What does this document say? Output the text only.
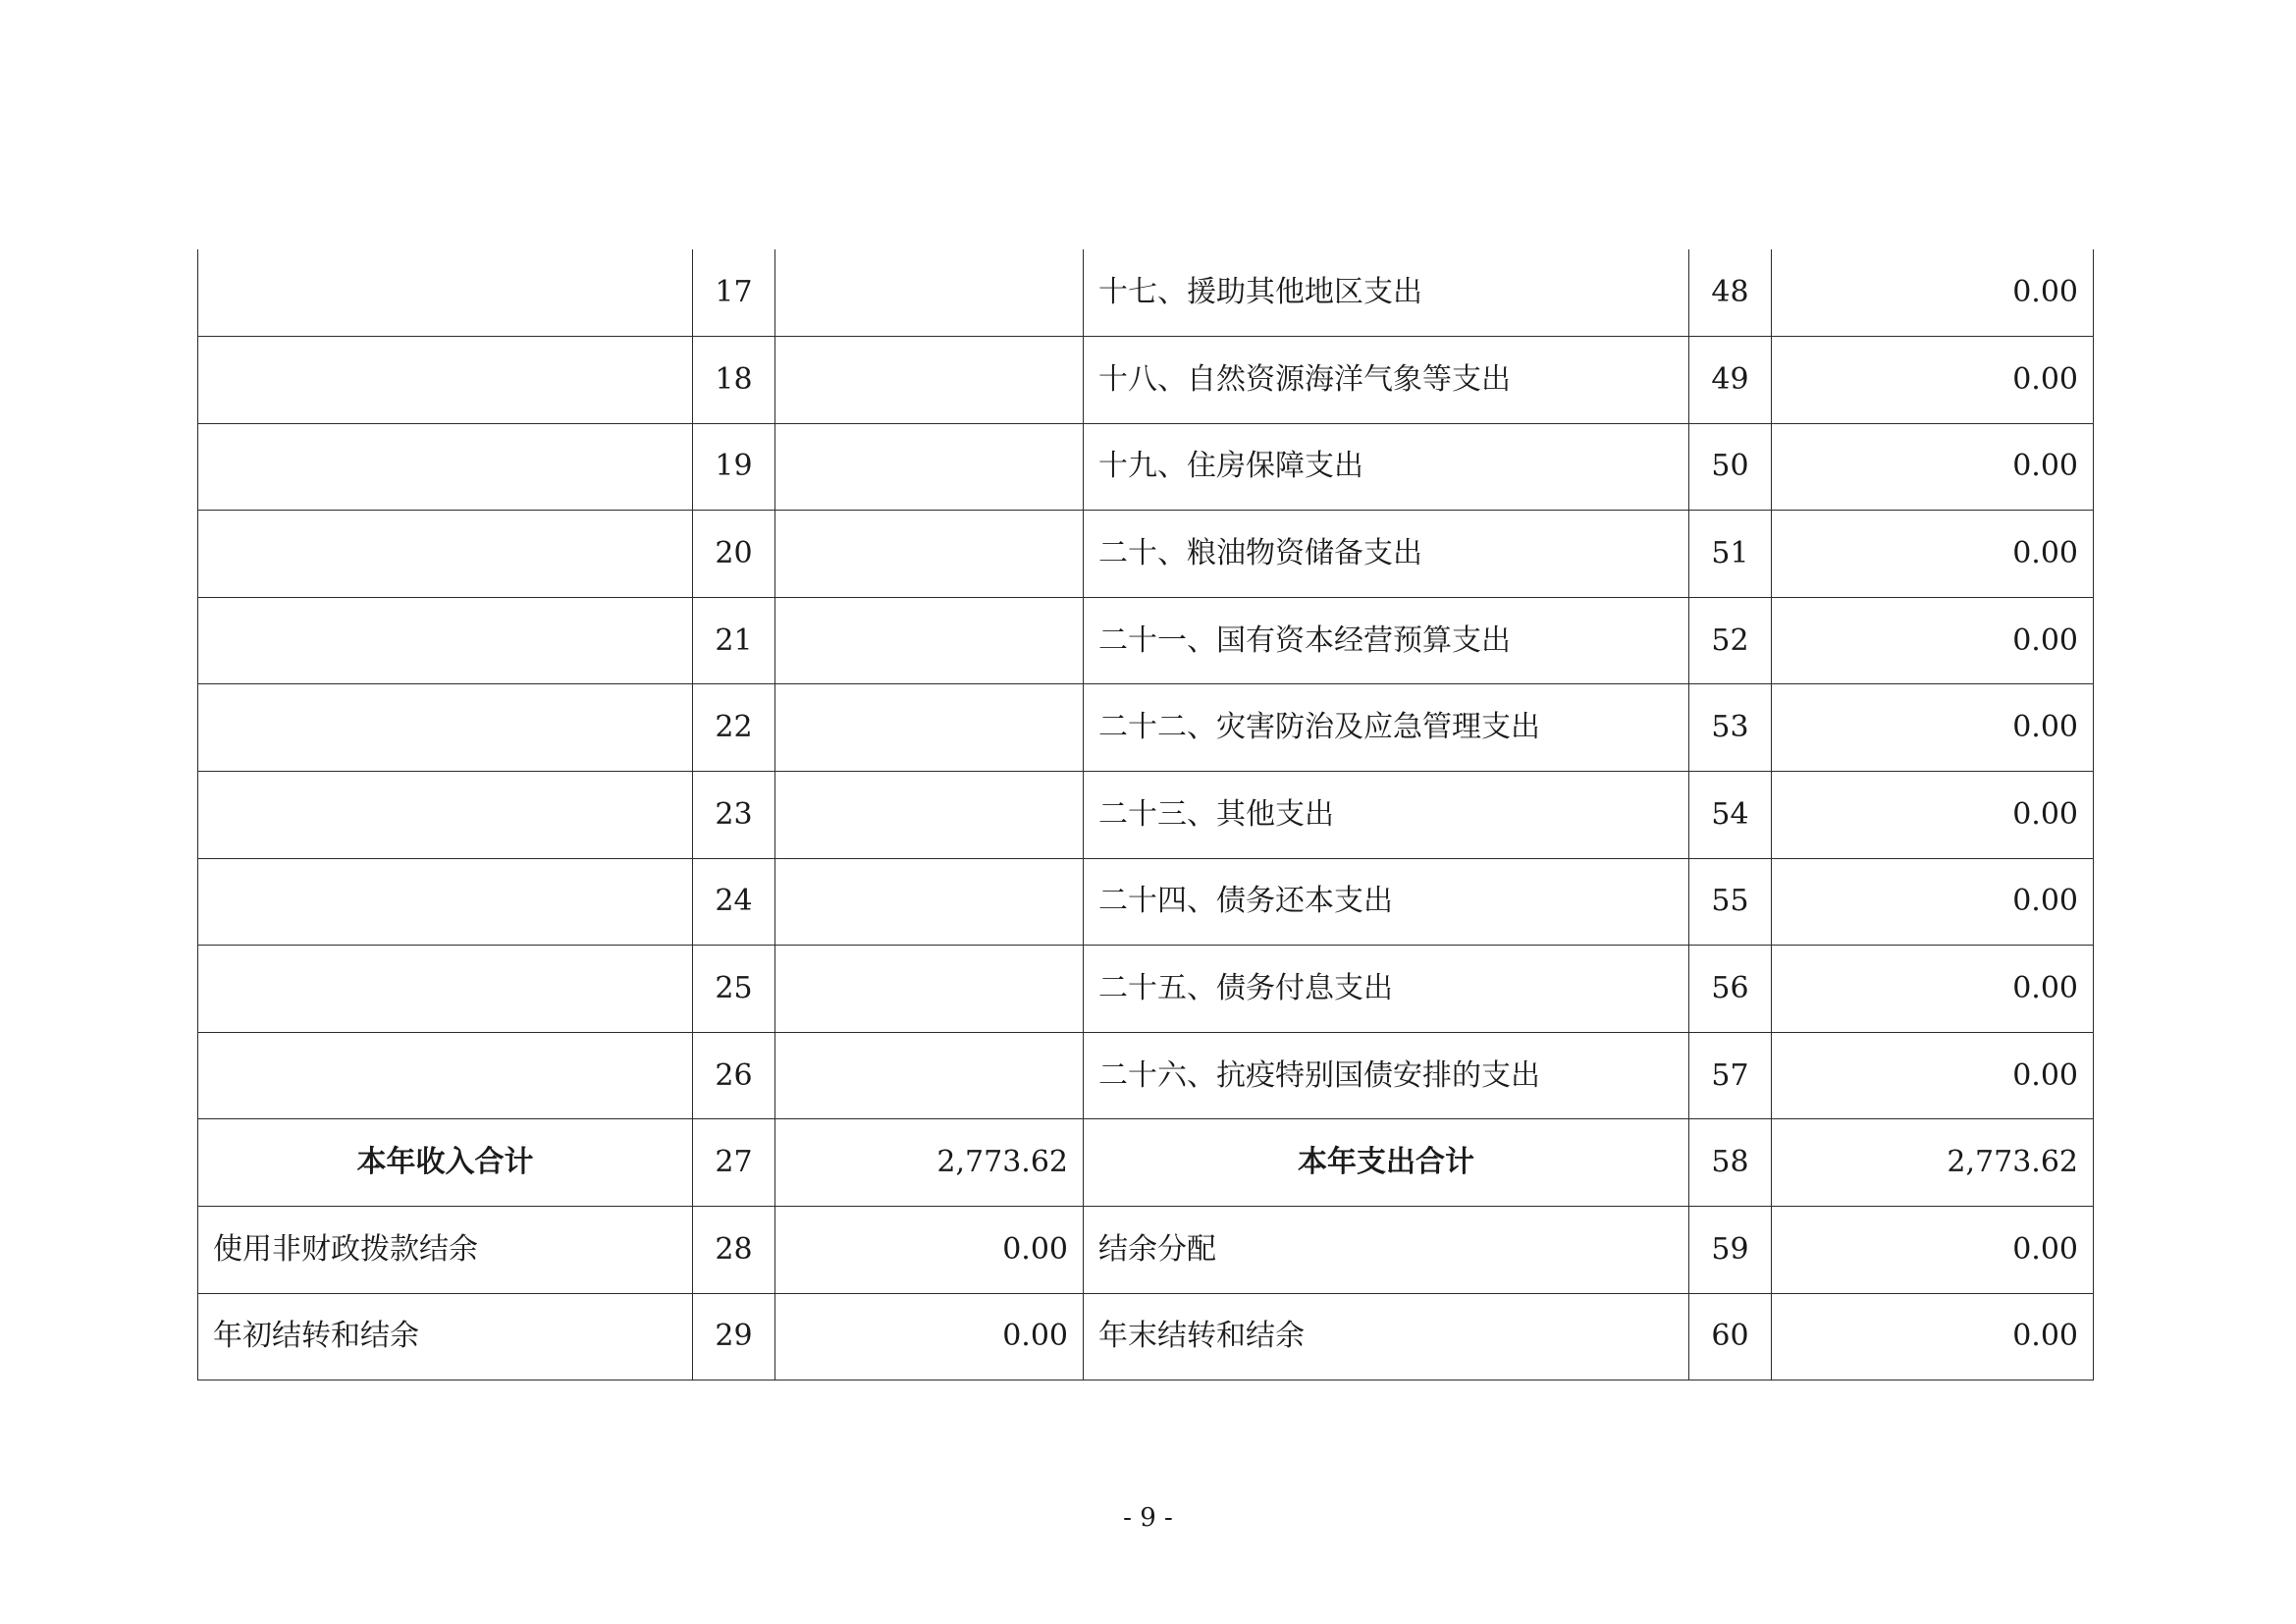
	17		十七、援助其他地区支出	48	0.00
	18		十八、自然资源海洋气象等支出	49	0.00
	19		十九、住房保障支出	50	0.00
	20		二十、粮油物资储备支出	51	0.00
	21		二十一、国有资本经营预算支出	52	0.00
	22		二十二、灾害防治及应急管理支出	53	0.00
	23		二十三、其他支出	54	0.00
	24		二十四、债务还本支出	55	0.00
	25		二十五、债务付息支出	56	0.00
	26		二十六、抗疫特别国债安排的支出	57	0.00
本年收入合计	27	2,773.62	本年支出合计	58	2,773.62
使用非财政拨款结余	28	0.00	结余分配	59	0.00
年初结转和结余	29	0.00	年末结转和结余	60	0.00
- 9 -
